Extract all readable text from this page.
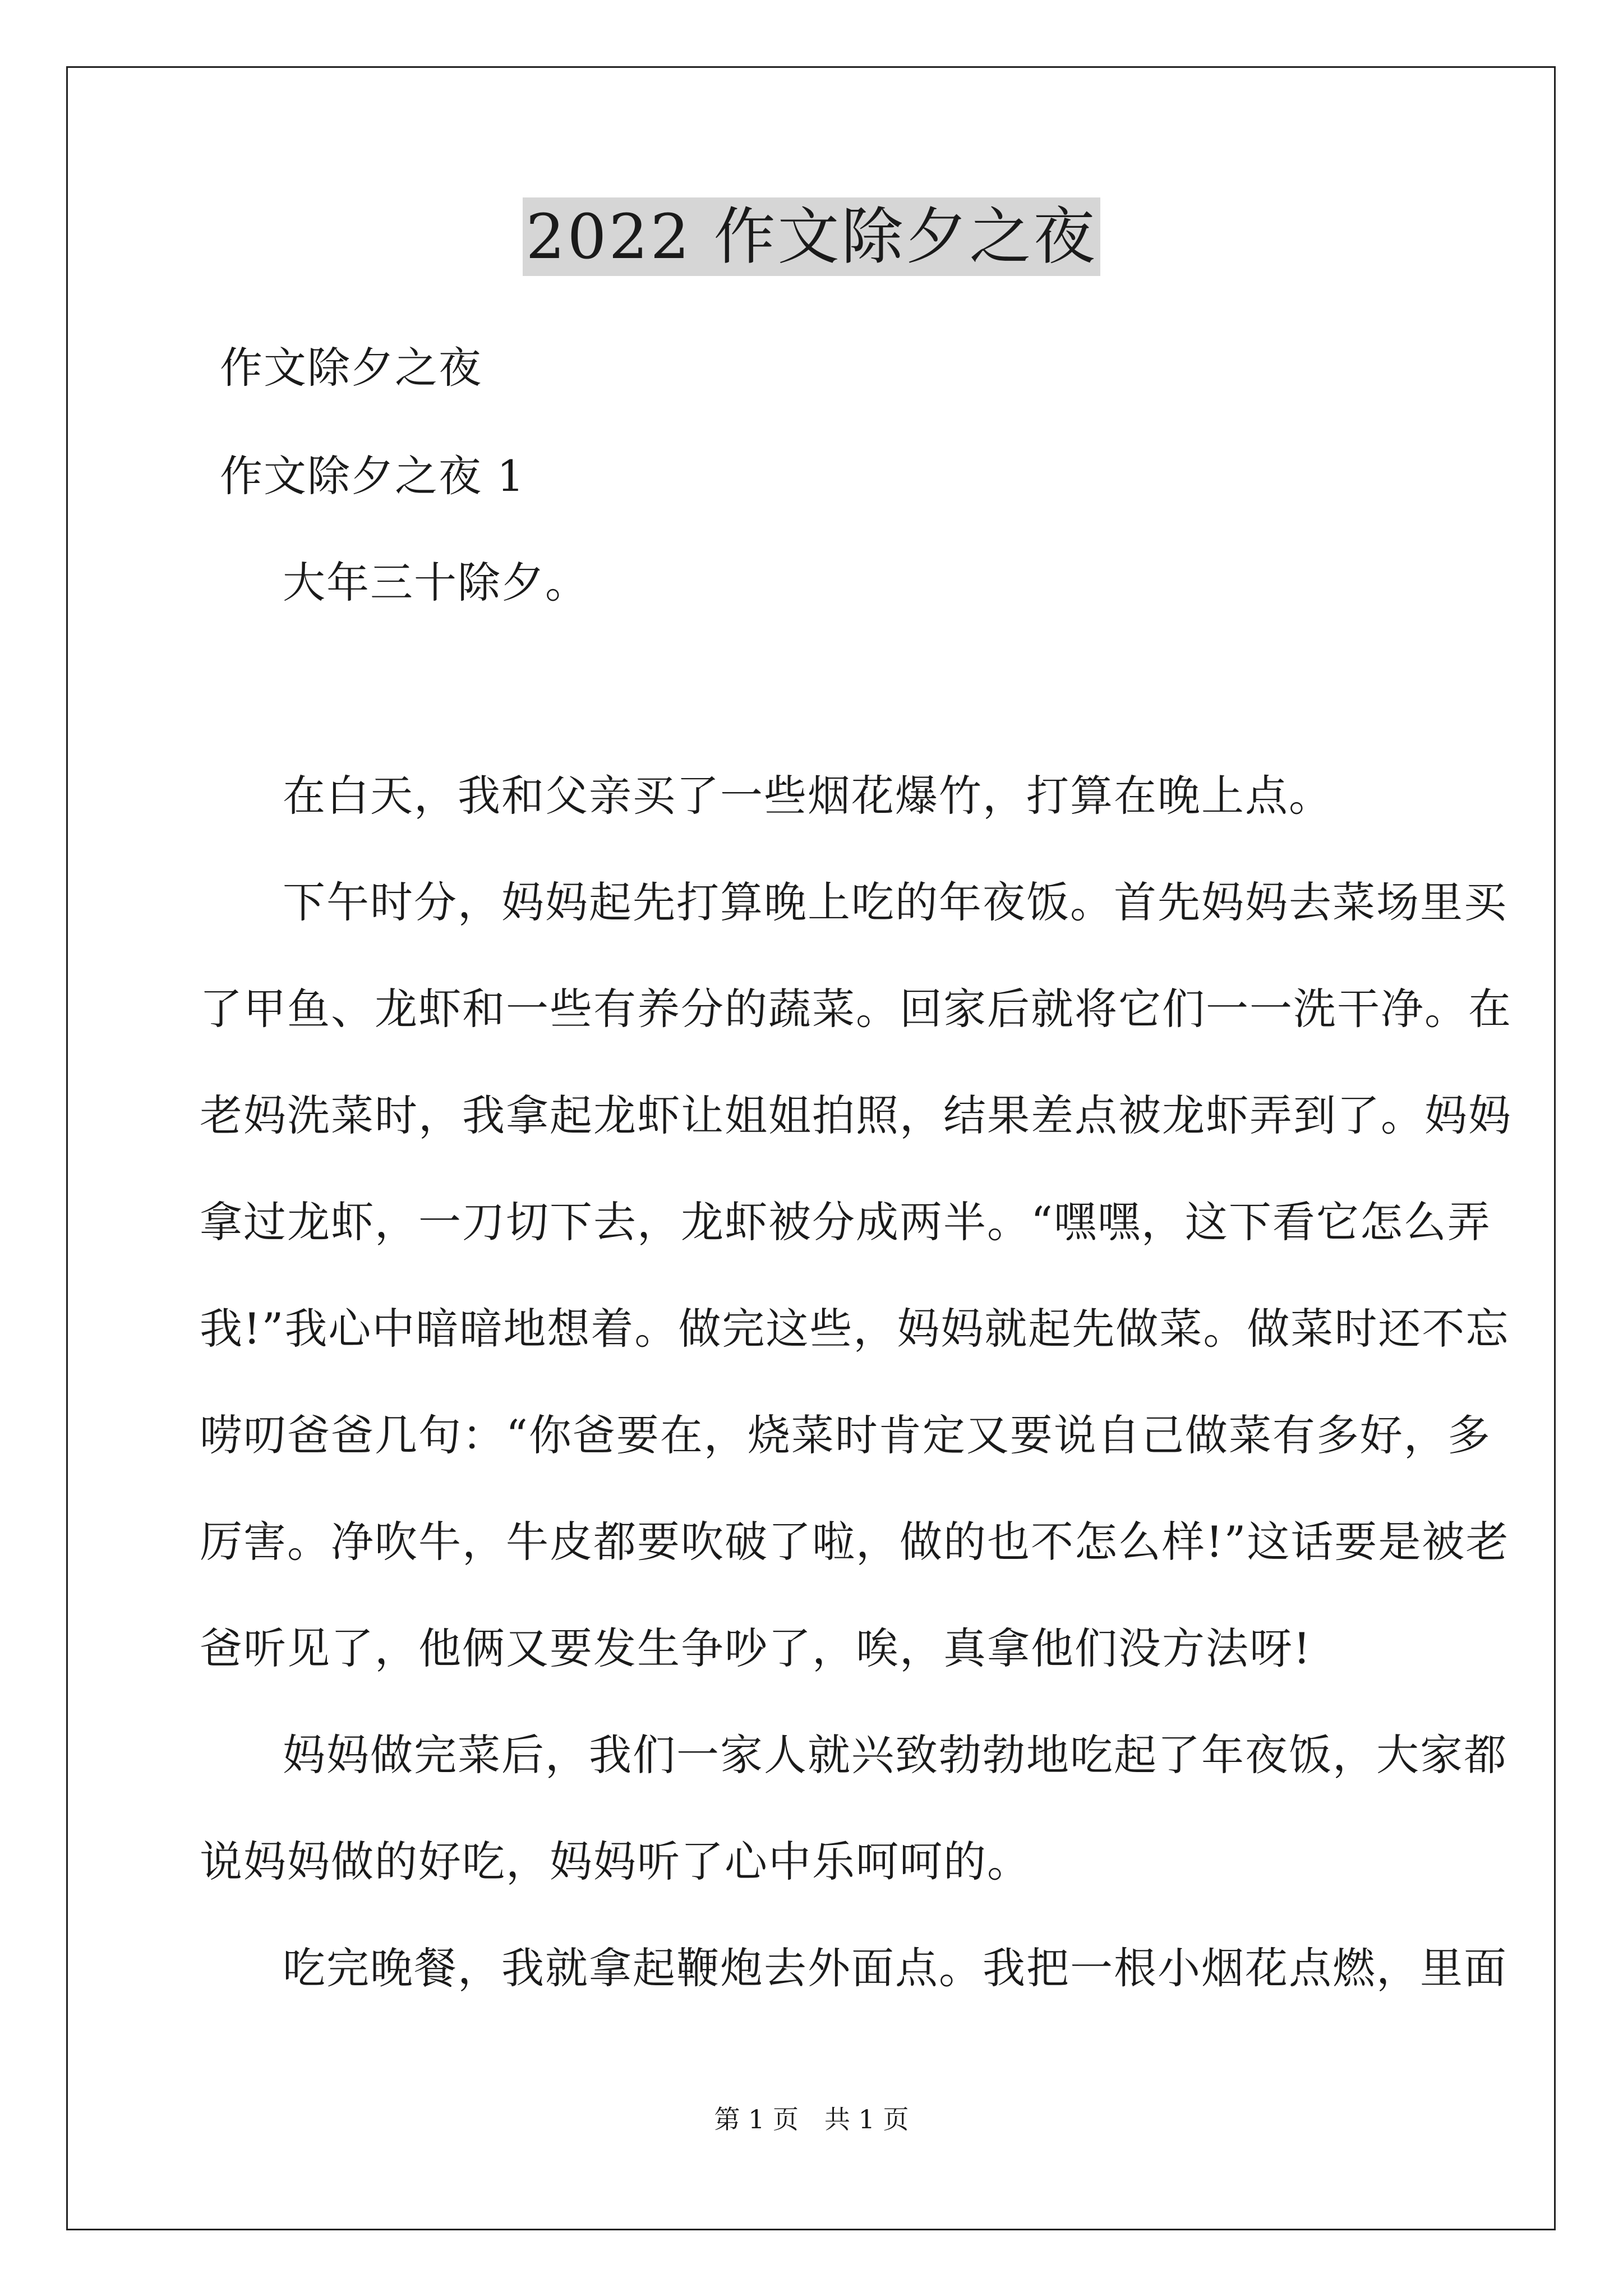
2022 作文除夕之夜
作文除夕之夜
作文除夕之夜 1
大年三十除夕。
在白天，我和父亲买了一些烟花爆竹，打算在晚上点。
下午时分，妈妈起先打算晚上吃的年夜饭。首先妈妈去菜场里买
了甲鱼、龙虾和一些有养分的蔬菜。回家后就将它们一一洗干净。在
老妈洗菜时，我拿起龙虾让姐姐拍照，结果差点被龙虾弄到了。妈妈
拿过龙虾，一刀切下去，龙虾被分成两半。“嘿嘿，这下看它怎么弄
我!”我心中暗暗地想着。做完这些，妈妈就起先做菜。做菜时还不忘
唠叨爸爸几句：“你爸要在，烧菜时肯定又要说自己做菜有多好，多
厉害。净吹牛，牛皮都要吹破了啦，做的也不怎么样!”这话要是被老
爸听见了，他俩又要发生争吵了，唉，真拿他们没方法呀!
妈妈做完菜后，我们一家人就兴致勃勃地吃起了年夜饭，大家都
说妈妈做的好吃，妈妈听了心中乐呵呵的。
吃完晚餐，我就拿起鞭炮去外面点。我把一根小烟花点燃，里面
第 1 页　共 1 页
